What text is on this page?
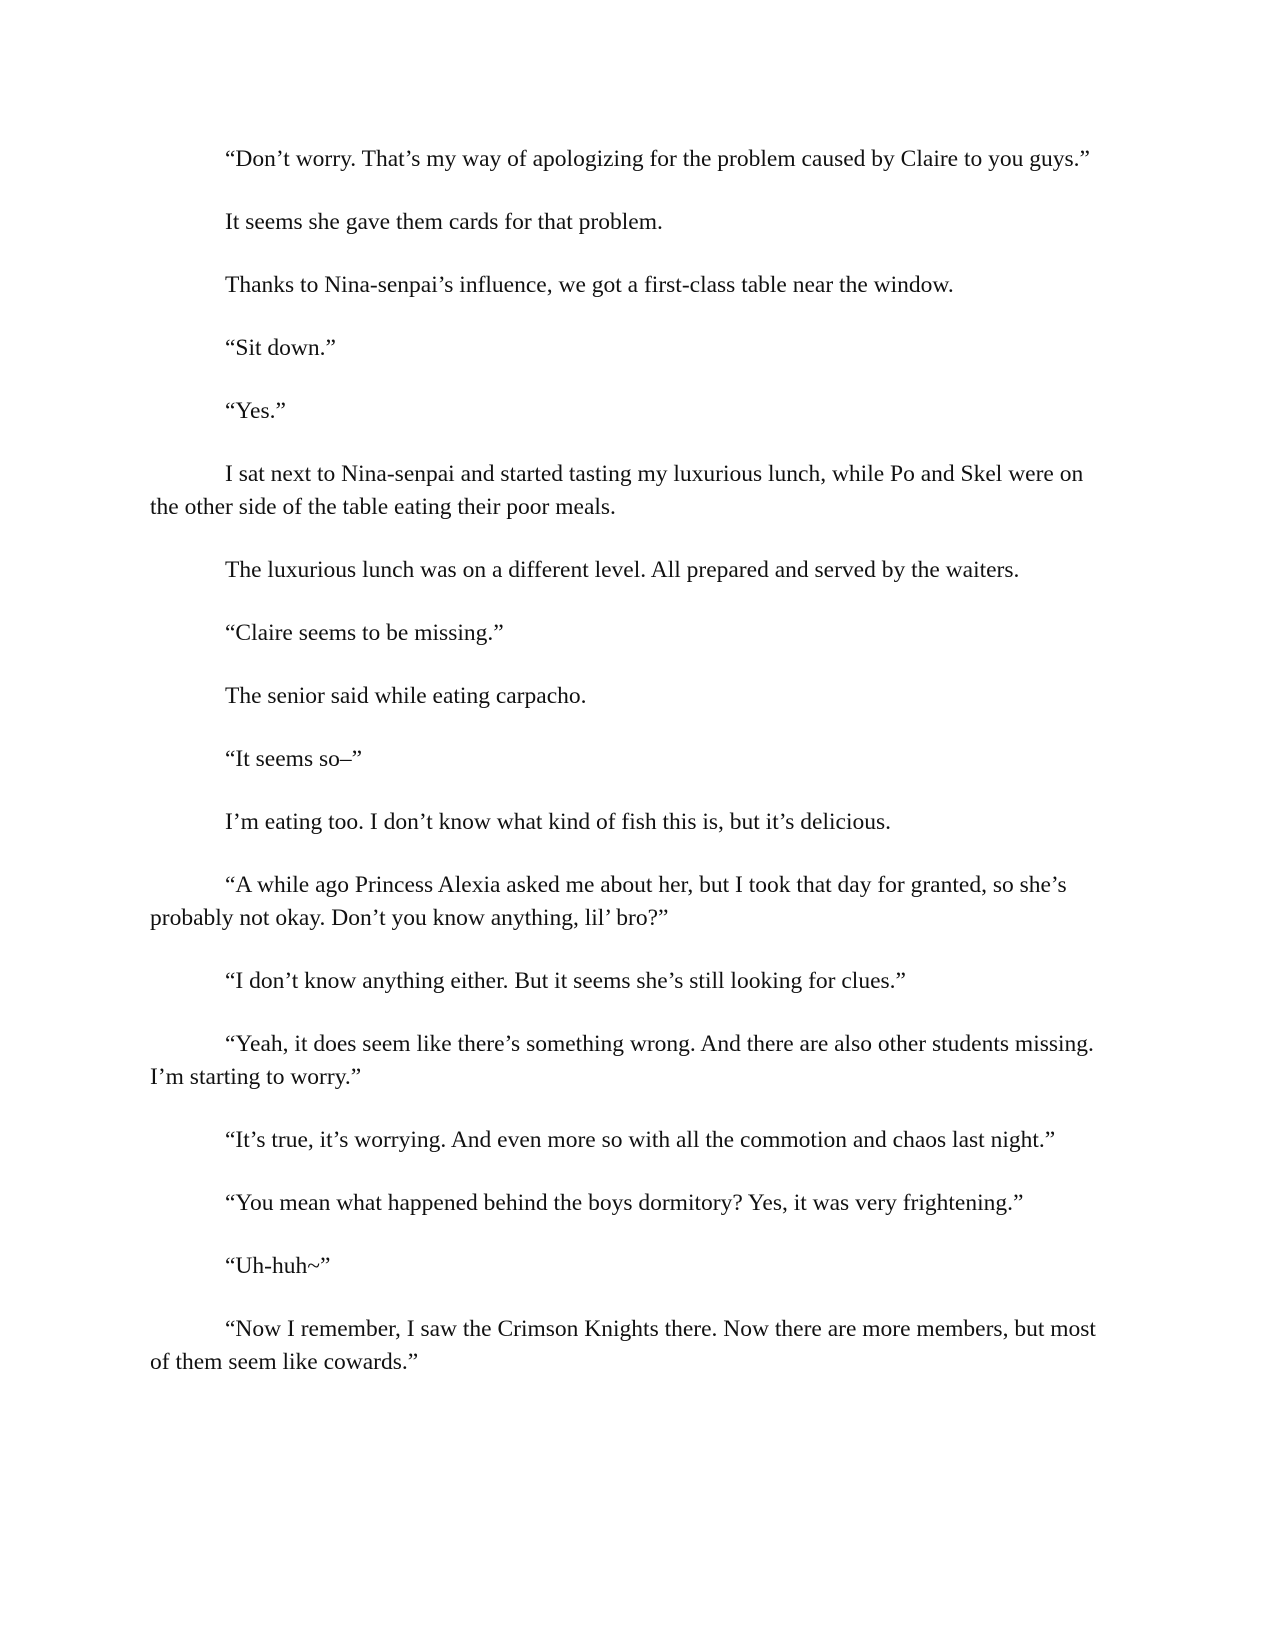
“Don’t worry. That’s my way of apologizing for the problem caused by Claire to you guys.”

It seems she gave them cards for that problem.

Thanks to Nina-senpai’s influence, we got a first-class table near the window.

“Sit down.”

“Yes.”

I sat next to Nina-senpai and started tasting my luxurious lunch, while Po and Skel were on the other side of the table eating their poor meals.

The luxurious lunch was on a different level. All prepared and served by the waiters.

“Claire seems to be missing.”

The senior said while eating carpacho.

“It seems so–”

I’m eating too. I don’t know what kind of fish this is, but it’s delicious.

“A while ago Princess Alexia asked me about her, but I took that day for granted, so she’s probably not okay. Don’t you know anything, lil’ bro?”

“I don’t know anything either. But it seems she’s still looking for clues.”

“Yeah, it does seem like there’s something wrong. And there are also other students missing. I’m starting to worry.”

“It’s true, it’s worrying. And even more so with all the commotion and chaos last night.”

“You mean what happened behind the boys dormitory? Yes, it was very frightening.”

“Uh-huh~”

“Now I remember, I saw the Crimson Knights there. Now there are more members, but most of them seem like cowards.”
